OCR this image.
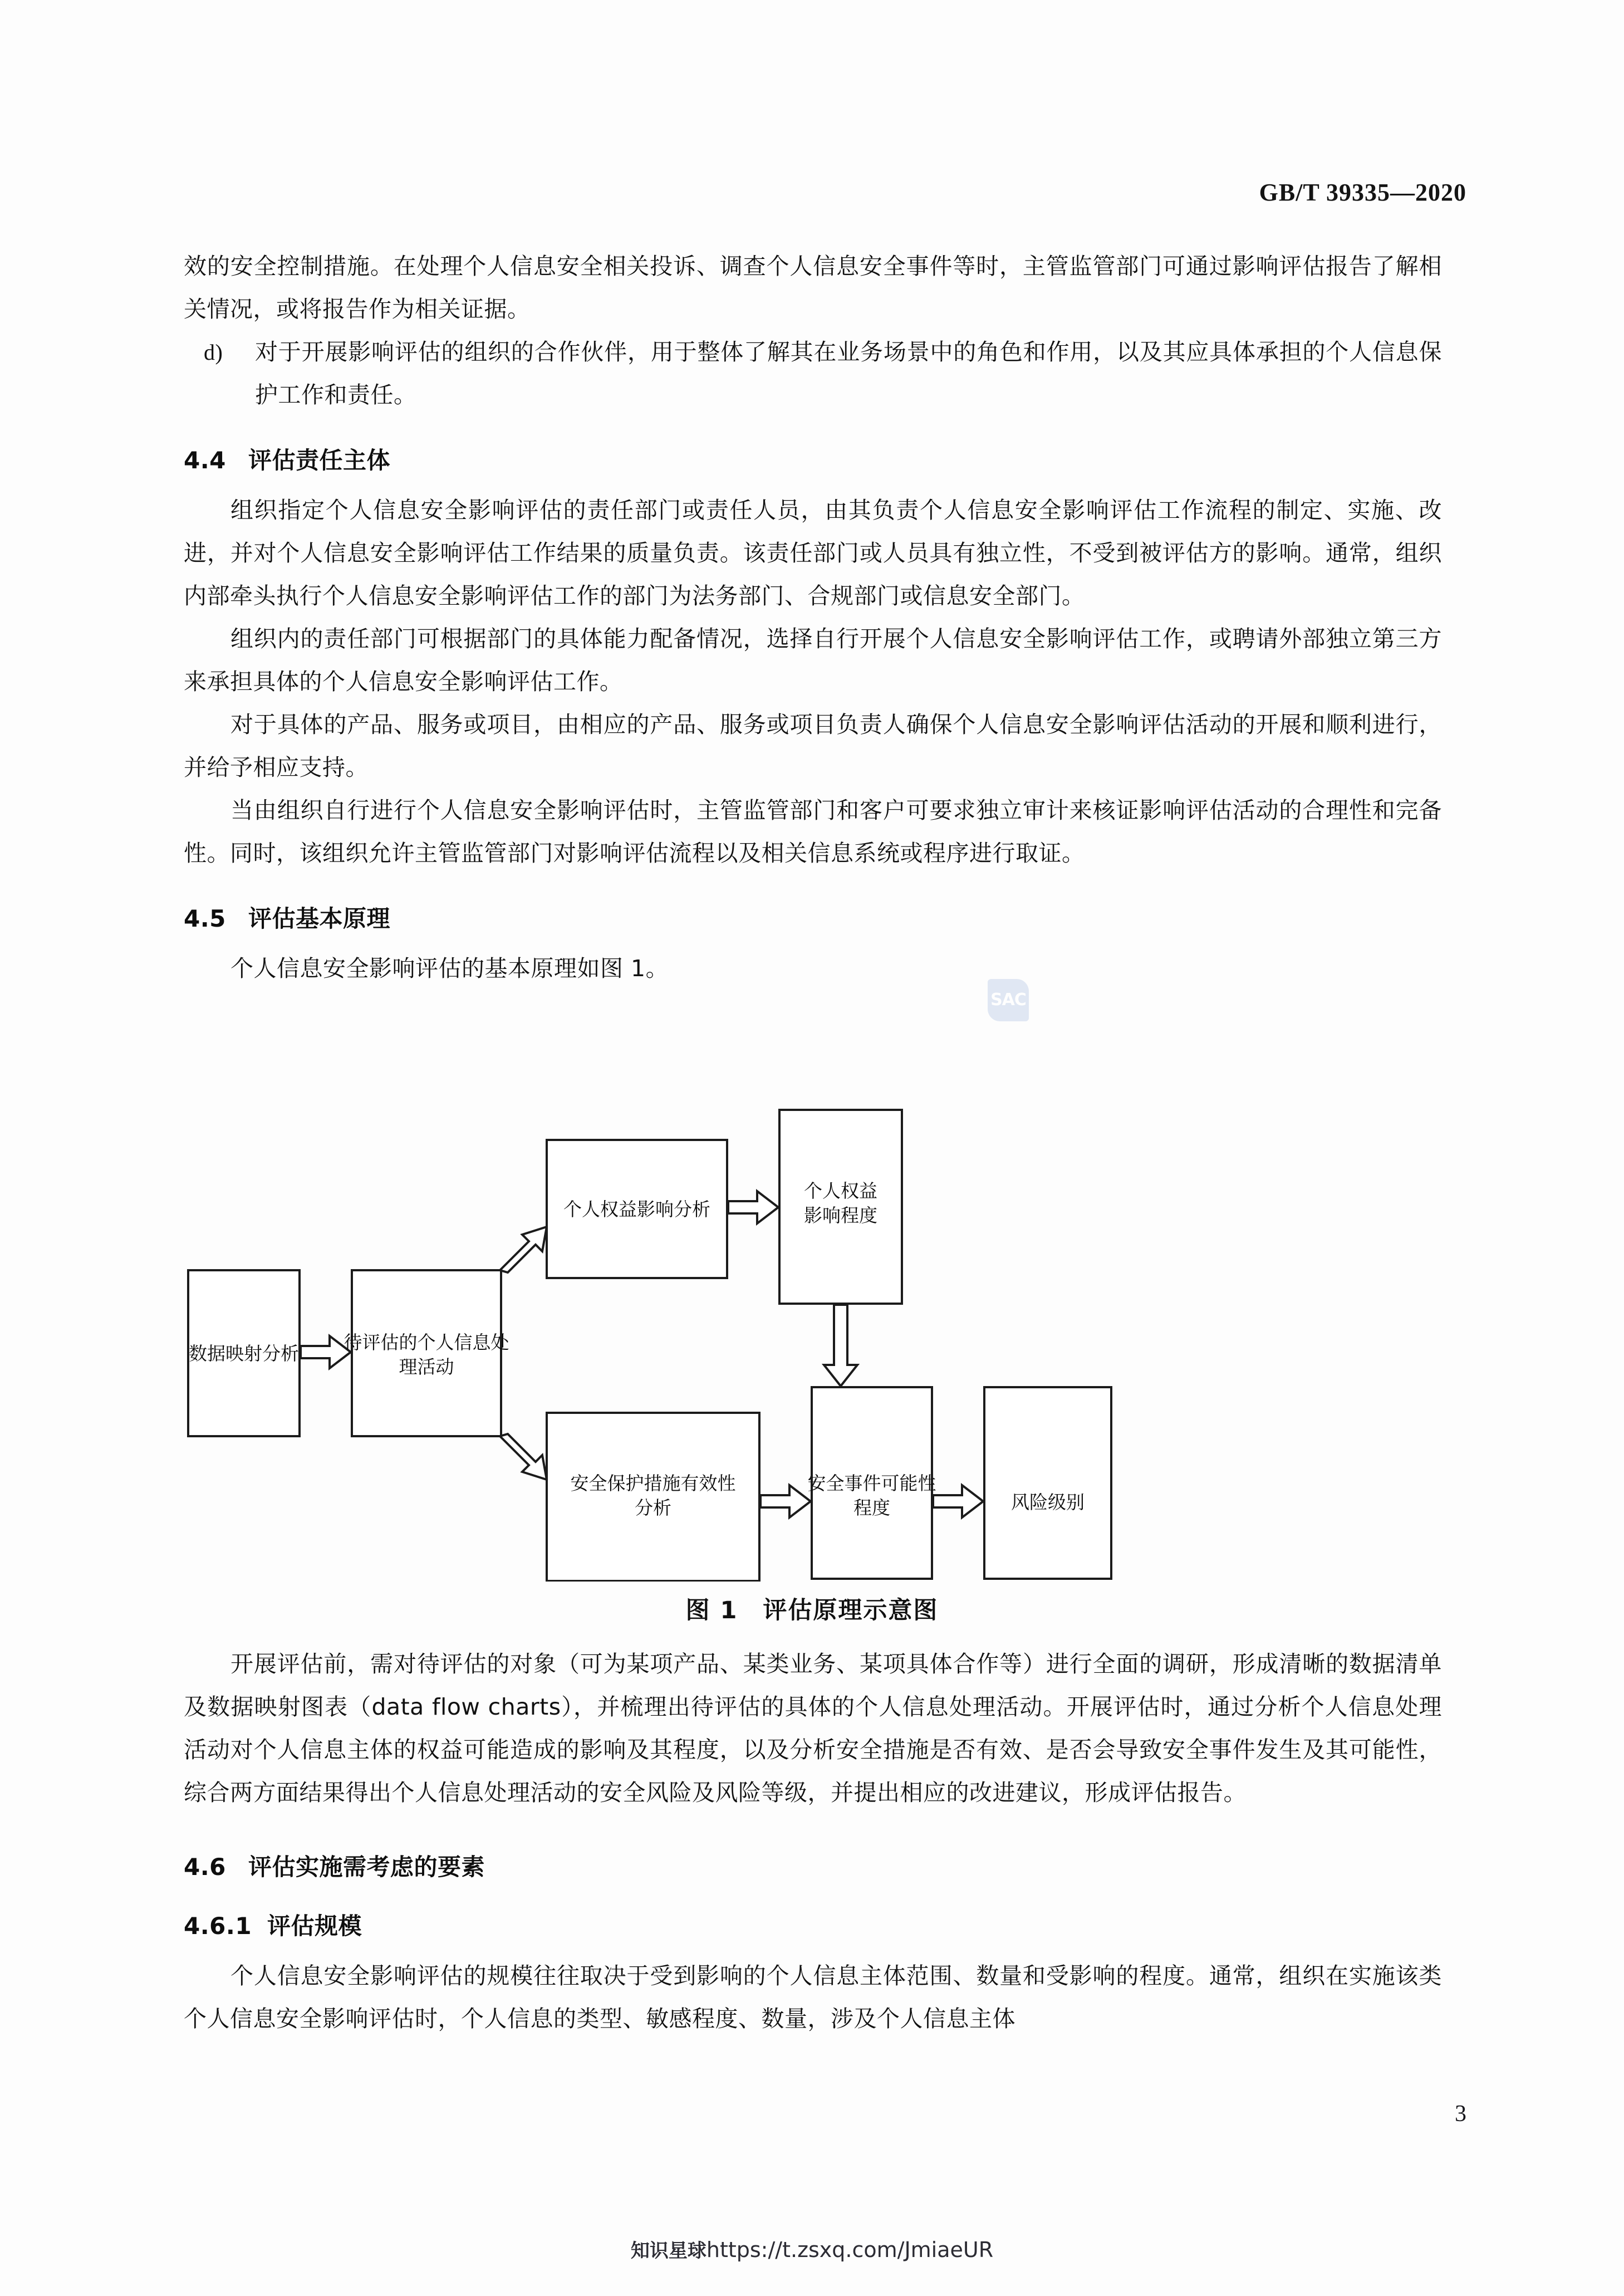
GB/T 39335—2020

效的安全控制措施。在处理个人信息安全相关投诉、调查个人信息安全事件等时，主管监管部门可通过影响评估报告了解相关情况，或将报告作为相关证据。

d) 对于开展影响评估的组织的合作伙伴，用于整体了解其在业务场景中的角色和作用，以及其应具体承担的个人信息保护工作和责任。

4.4 评估责任主体

组织指定个人信息安全影响评估的责任部门或责任人员，由其负责个人信息安全影响评估工作流程的制定、实施、改进，并对个人信息安全影响评估工作结果的质量负责。该责任部门或人员具有独立性，不受到被评估方的影响。通常，组织内部牵头执行个人信息安全影响评估工作的部门为法务部门、合规部门或信息安全部门。

组织内的责任部门可根据部门的具体能力配备情况，选择自行开展个人信息安全影响评估工作，或聘请外部独立第三方来承担具体的个人信息安全影响评估工作。

对于具体的产品、服务或项目，由相应的产品、服务或项目负责人确保个人信息安全影响评估活动的开展和顺利进行，并给予相应支持。

当由组织自行进行个人信息安全影响评估时，主管监管部门和客户可要求独立审计来核证影响评估活动的合理性和完备性。同时，该组织允许主管监管部门对影响评估流程以及相关信息系统或程序进行取证。

4.5 评估基本原理

个人信息安全影响评估的基本原理如图 1。

SAC
数据映射分析
待评估的个人信息处
理活动
个人权益影响分析
个人权益
影响程度
安全保护措施有效性
分析
安全事件可能性
程度	风险级别
图 1　评估原理示意图

开展评估前，需对待评估的对象（可为某项产品、某类业务、某项具体合作等）进行全面的调研，形成清晰的数据清单及数据映射图表（data flow charts），并梳理出待评估的具体的个人信息处理活动。开展评估时，通过分析个人信息处理活动对个人信息主体的权益可能造成的影响及其程度，以及分析安全措施是否有效、是否会导致安全事件发生及其可能性，综合两方面结果得出个人信息处理活动的安全风险及风险等级，并提出相应的改进建议，形成评估报告。

4.6 评估实施需考虑的要素
4.6.1 评估规模

个人信息安全影响评估的规模往往取决于受到影响的个人信息主体范围、数量和受影响的程度。通常，组织在实施该类个人信息安全影响评估时，个人信息的类型、敏感程度、数量，涉及个人信息主体

3
知识星球https://t.zsxq.com/JmiaeUR
